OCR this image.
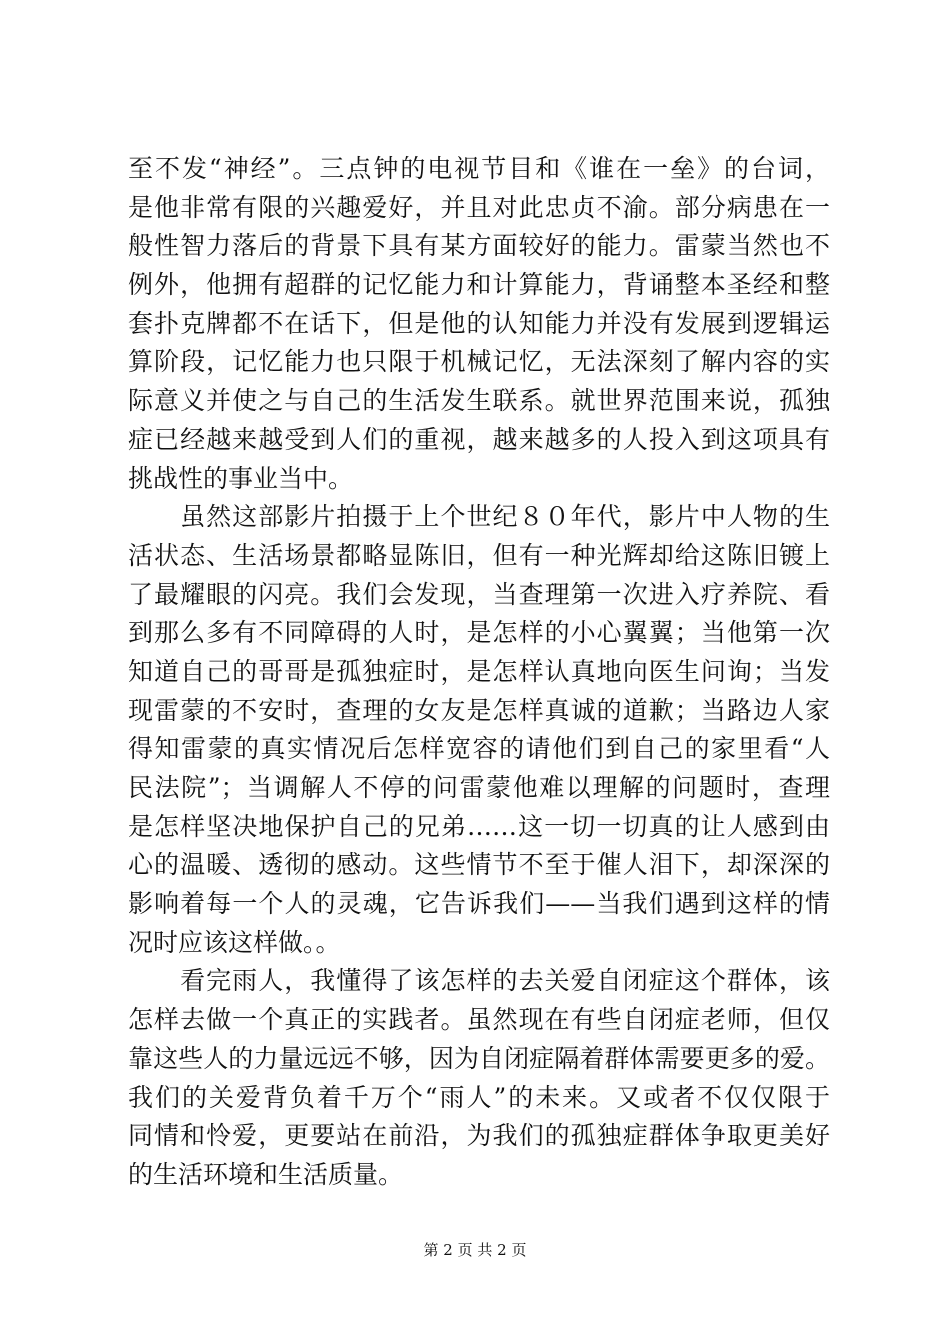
至不发“神经”。三点钟的电视节目和《谁在一垒》的台词，
是他非常有限的兴趣爱好，并且对此忠贞不渝。部分病患在一
般性智力落后的背景下具有某方面较好的能力。雷蒙当然也不
例外，他拥有超群的记忆能力和计算能力，背诵整本圣经和整
套扑克牌都不在话下，但是他的认知能力并没有发展到逻辑运
算阶段，记忆能力也只限于机械记忆，无法深刻了解内容的实
际意义并使之与自己的生活发生联系。就世界范围来说，孤独
症已经越来越受到人们的重视，越来越多的人投入到这项具有
挑战性的事业当中。
　　虽然这部影片拍摄于上个世纪８０年代，影片中人物的生
活状态、生活场景都略显陈旧，但有一种光辉却给这陈旧镀上
了最耀眼的闪亮。我们会发现，当查理第一次进入疗养院、看
到那么多有不同障碍的人时，是怎样的小心翼翼；当他第一次
知道自己的哥哥是孤独症时，是怎样认真地向医生问询；当发
现雷蒙的不安时，查理的女友是怎样真诚的道歉；当路边人家
得知雷蒙的真实情况后怎样宽容的请他们到自己的家里看“人
民法院”；当调解人不停的问雷蒙他难以理解的问题时，查理
是怎样坚决地保护自己的兄弟……这一切一切真的让人感到由
心的温暖、透彻的感动。这些情节不至于催人泪下，却深深的
影响着每一个人的灵魂，它告诉我们——当我们遇到这样的情
况时应该这样做。。
　　看完雨人，我懂得了该怎样的去关爱自闭症这个群体，该
怎样去做一个真正的实践者。虽然现在有些自闭症老师，但仅
靠这些人的力量远远不够，因为自闭症隔着群体需要更多的爱。
我们的关爱背负着千万个“雨人”的未来。又或者不仅仅限于
同情和怜爱，更要站在前沿，为我们的孤独症群体争取更美好
的生活环境和生活质量。
第 2 页 共 2 页
